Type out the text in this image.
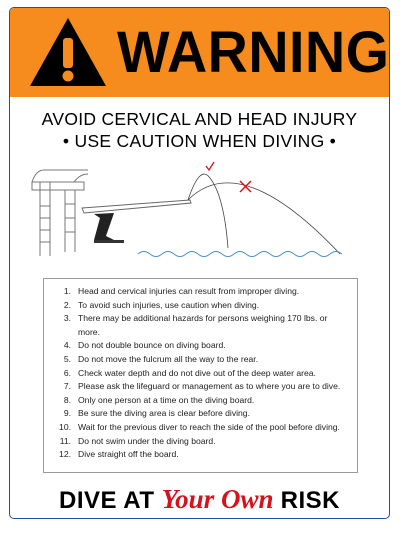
WARNING
AVOID CERVICAL AND HEAD INJURY
• USE CAUTION WHEN DIVING •
1. Head and cervical injuries can result from improper diving.
2. To avoid such injuries, use caution when diving.
3. There may be additional hazards for persons weighing 170 lbs. or more.
4. Do not double bounce on diving board.
5. Do not move the fulcrum all the way to the rear.
6. Check water depth and do not dive out of the deep water area.
7. Please ask the lifeguard or management as to where you are to dive.
8. Only one person at a time on the diving board.
9. Be sure the diving area is clear before diving.
10. Wait for the previous diver to reach the side of the pool before diving.
11. Do not swim under the diving board.
12. Dive straight off the board.
DIVE AT Your Own RISK
